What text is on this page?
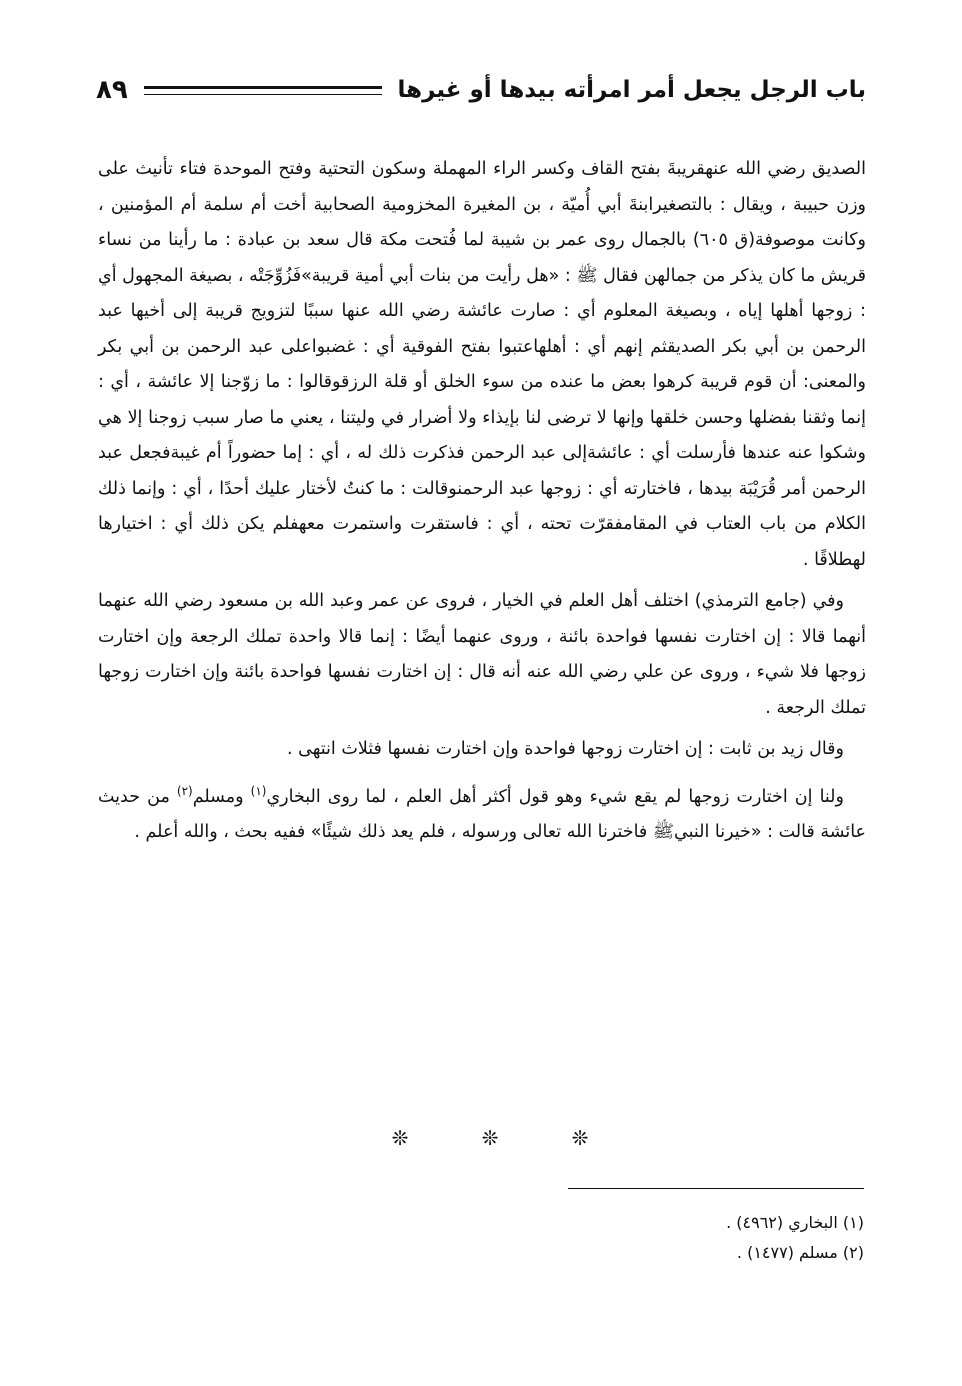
باب الرجل يجعل أمر امرأته بيدها أو غيرها
٨٩

الصديق رضي الله عنهقريبةَ بفتح القاف وكسر الراء المهملة وسكون التحتية وفتح الموحدة فتاء تأنيث على وزن حبيبة ، ويقال : بالتصغيرابنةَ أبي أُميّة ، بن المغيرة المخزومية الصحابية أخت أم سلمة أم المؤمنين ، وكانت موصوفة(ق ٦٠٥) بالجمال روى عمر بن شيبة لما فُتحت مكة قال سعد بن عبادة : ما رأينا من نساء قريش ما كان يذكر من جمالهن فقال ﷺ : «هل رأيت من بنات أبي أمية قريبة»فَزُوِّجَتْه ، بصيغة المجهول أي : زوجها أهلها إياه ، وبصيغة المعلوم أي : صارت عائشة رضي الله عنها سببًا لتزويج قريبة إلى أخيها عبد الرحمن بن أبي بكر الصديقثم إنهم أي : أهلهاعتبوا بفتح الفوقية أي : غضبواعلى عبد الرحمن بن أبي بكر والمعنى: أن قوم قريبة كرهوا بعض ما عنده من سوء الخلق أو قلة الرزقوقالوا : ما زوّجنا إلا عائشة ، أي : إنما وثقنا بفضلها وحسن خلقها وإنها لا ترضى لنا بإيذاء ولا أضرار في وليتنا ، يعني ما صار سبب زوجنا إلا هي وشكوا عنه عندها فأرسلت أي : عائشةإلى عبد الرحمن فذكرت ذلك له ، أي : إما حضوراً أم غيبةفجعل عبد الرحمن أمر قُرَيْبَة بيدها ، فاختارته أي : زوجها عبد الرحمنوقالت : ما كنتُ لأختار عليك أحدًا ، أي : وإنما ذلك الكلام من باب العتاب في المقامفقرّت تحته ، أي : فاستقرت واستمرت معهفلم يكن ذلك أي : اختيارها لهطلاقًا .

وفي (جامع الترمذي) اختلف أهل العلم في الخيار ، فروى عن عمر وعبد الله بن مسعود رضي الله عنهما أنهما قالا : إن اختارت نفسها فواحدة بائنة ، وروى عنهما أيضًا : إنما قالا واحدة تملك الرجعة وإن اختارت زوجها فلا شيء ، وروى عن علي رضي الله عنه أنه قال : إن اختارت نفسها فواحدة بائنة وإن اختارت زوجها تملك الرجعة .

وقال زيد بن ثابت : إن اختارت زوجها فواحدة وإن اختارت نفسها فثلاث انتهى .

ولنا إن اختارت زوجها لم يقع شيء وهو قول أكثر أهل العلم ، لما روى البخاري$^{(١)}$ ومسلم$^{(٢)}$ من حديث عائشة قالت : «خيرنا النبيﷺ فاخترنا الله تعالى ورسوله ، فلم يعد ذلك شيئًا» ففيه بحث ، والله أعلم .

❊
❊
❊

(١) البخاري (٤٩٦٢) .

(٢) مسلم (١٤٧٧) .
